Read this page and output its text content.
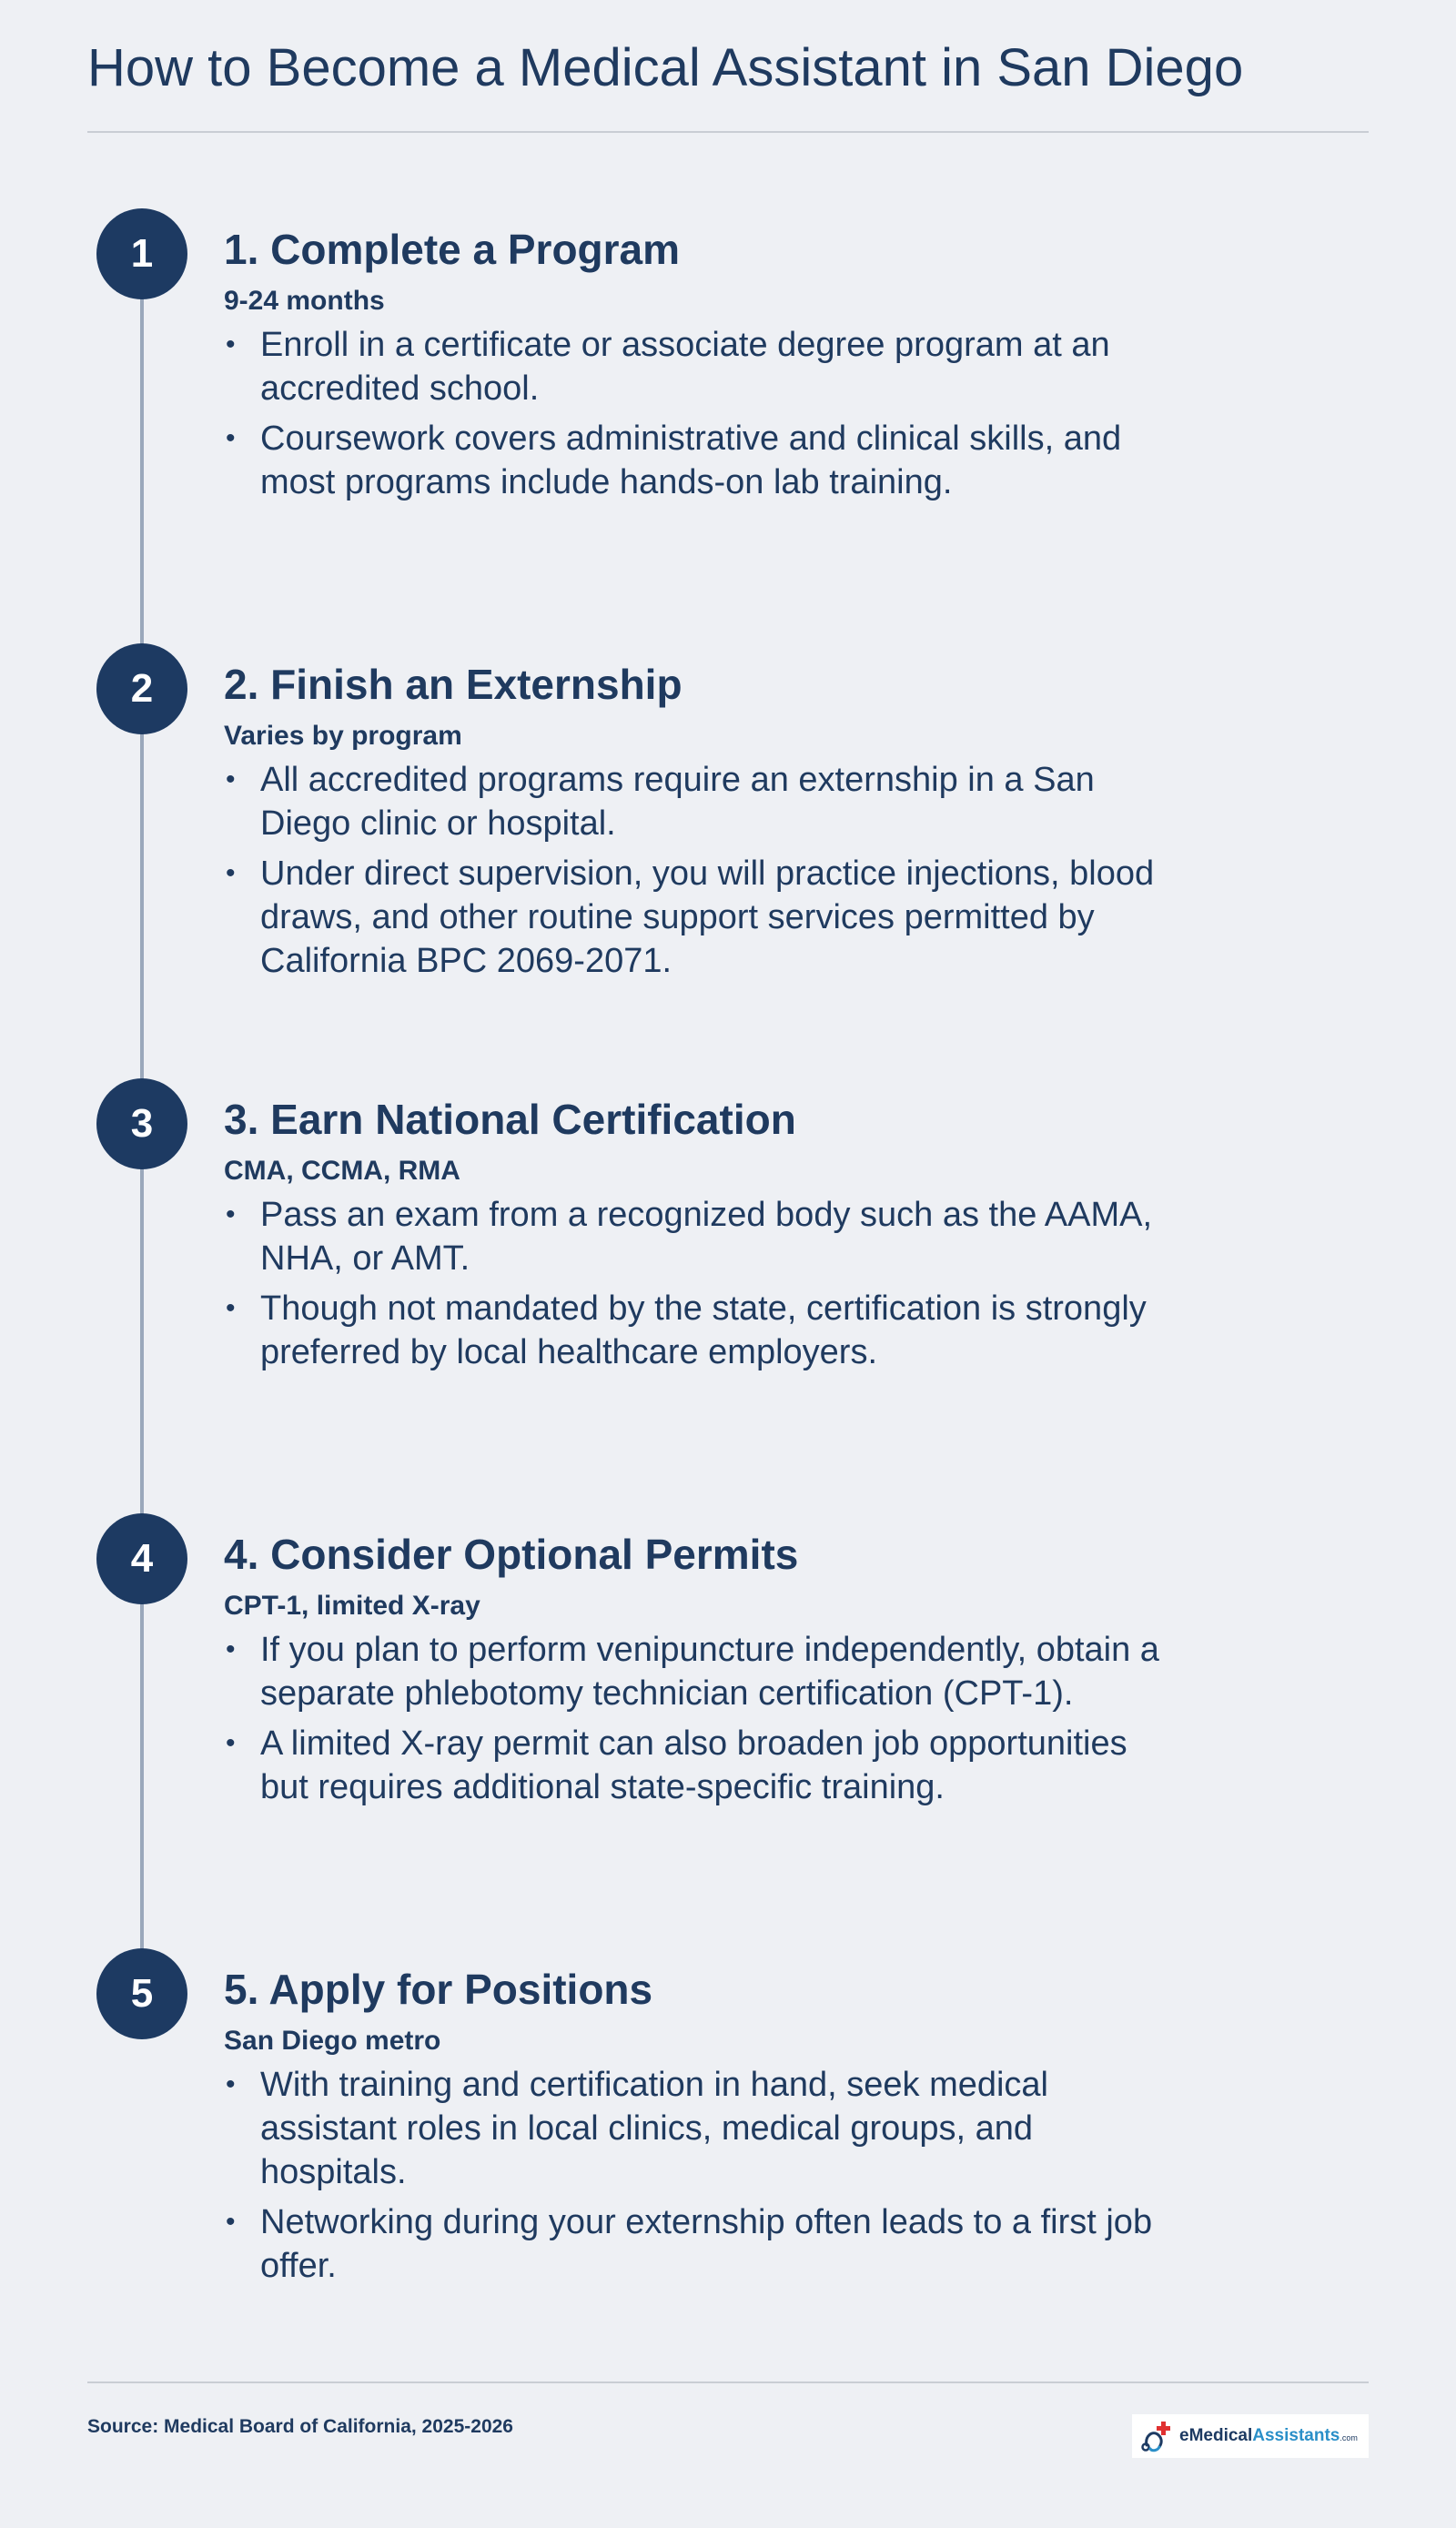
How to Become a Medical Assistant in San Diego
1	1. Complete a Program
9-24 months
• Enroll in a certificate or associate degree program at an accredited school.
• Coursework covers administrative and clinical skills, and most programs include hands-on lab training.
2	2. Finish an Externship
Varies by program
• All accredited programs require an externship in a San Diego clinic or hospital.
• Under direct supervision, you will practice injections, blood draws, and other routine support services permitted by California BPC 2069-2071.
3	3. Earn National Certification
CMA, CCMA, RMA
• Pass an exam from a recognized body such as the AAMA, NHA, or AMT.
• Though not mandated by the state, certification is strongly preferred by local healthcare employers.
4	4. Consider Optional Permits
CPT-1, limited X-ray
• If you plan to perform venipuncture independently, obtain a separate phlebotomy technician certification (CPT-1).
• A limited X-ray permit can also broaden job opportunities but requires additional state-specific training.
5	5. Apply for Positions
San Diego metro
• With training and certification in hand, seek medical assistant roles in local clinics, medical groups, and hospitals.
• Networking during your externship often leads to a first job offer.
Source: Medical Board of California, 2025-2026	eMedicalAssistants.com
